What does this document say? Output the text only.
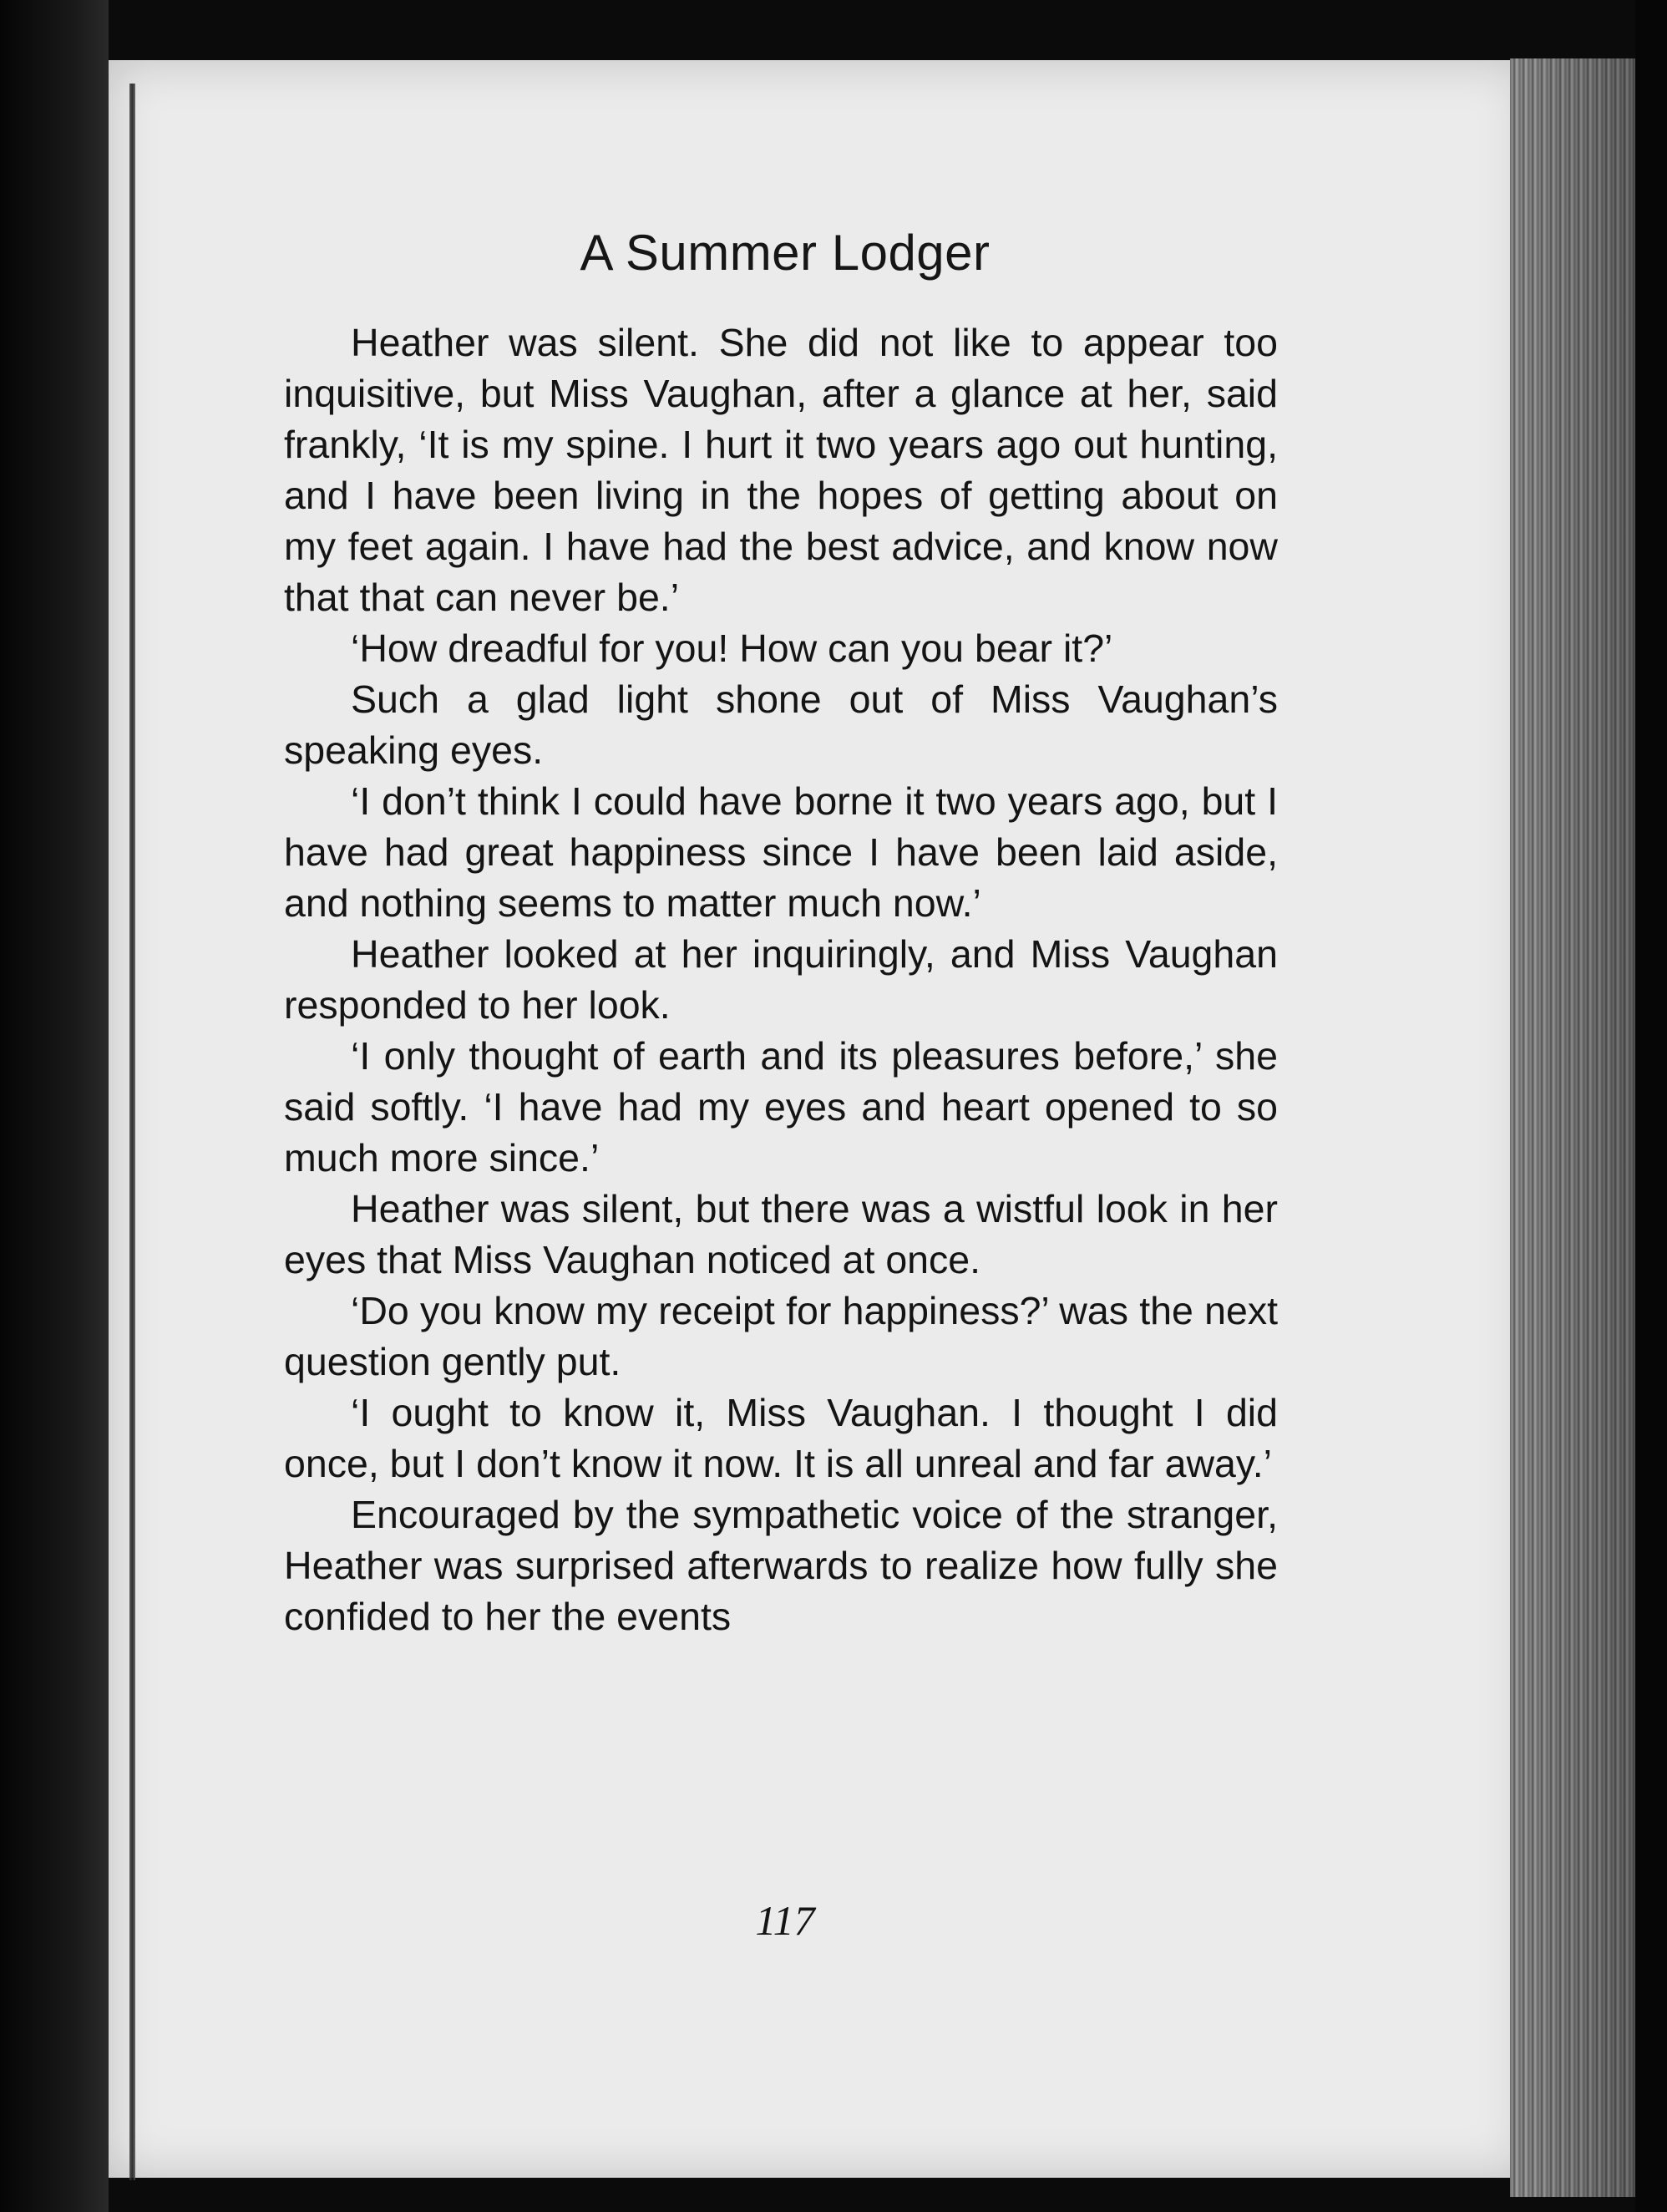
A Summer Lodger

Heather was silent. She did not like to appear too inquisitive, but Miss Vaughan, after a glance at her, said frankly, ‘It is my spine. I hurt it two years ago out hunting, and I have been living in the hopes of getting about on my feet again. I have had the best advice, and know now that that can never be.’

‘How dreadful for you! How can you bear it?’

Such a glad light shone out of Miss Vaughan’s speaking eyes.

‘I don’t think I could have borne it two years ago, but I have had great happiness since I have been laid aside, and nothing seems to matter much now.’

Heather looked at her inquiringly, and Miss Vaughan responded to her look.

‘I only thought of earth and its pleasures before,’ she said softly. ‘I have had my eyes and heart opened to so much more since.’

Heather was silent, but there was a wistful look in her eyes that Miss Vaughan noticed at once.

‘Do you know my receipt for happiness?’ was the next question gently put.

‘I ought to know it, Miss Vaughan. I thought I did once, but I don’t know it now. It is all unreal and far away.’

Encouraged by the sympathetic voice of the stranger, Heather was surprised afterwards to realize how fully she confided to her the events

117
